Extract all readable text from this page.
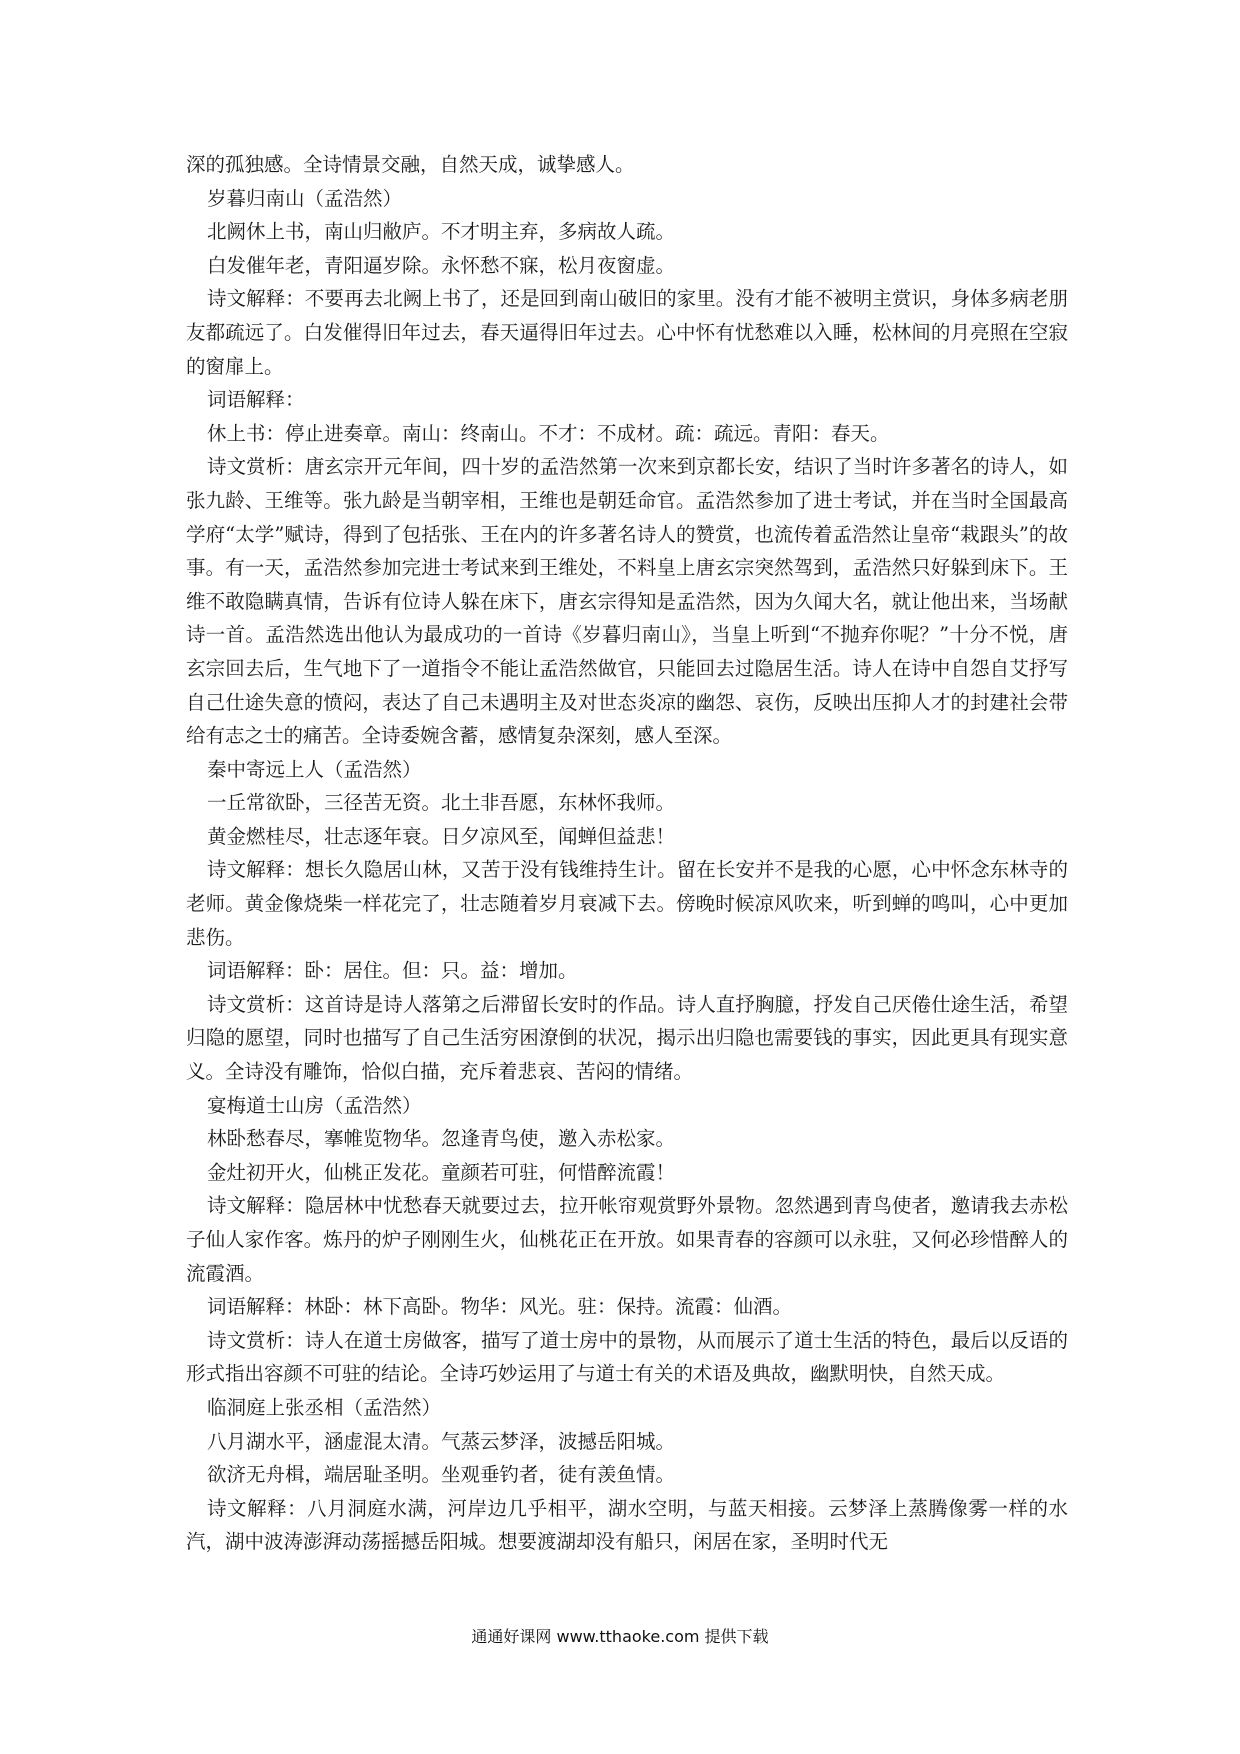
深的孤独感。全诗情景交融，自然天成，诚挚感人。

岁暮归南山（孟浩然）

北阙休上书，南山归敝庐。不才明主弃，多病故人疏。

白发催年老，青阳逼岁除。永怀愁不寐，松月夜窗虚。

诗文解释：不要再去北阙上书了，还是回到南山破旧的家里。没有才能不被明主赏识，身体多病老朋友都疏远了。白发催得旧年过去，春天逼得旧年过去。心中怀有忧愁难以入睡，松林间的月亮照在空寂的窗扉上。

词语解释：

休上书：停止进奏章。南山：终南山。不才：不成材。疏：疏远。青阳：春天。

诗文赏析：唐玄宗开元年间，四十岁的孟浩然第一次来到京都长安，结识了当时许多著名的诗人，如张九龄、王维等。张九龄是当朝宰相，王维也是朝廷命官。孟浩然参加了进士考试，并在当时全国最高学府“太学”赋诗，得到了包括张、王在内的许多著名诗人的赞赏，也流传着孟浩然让皇帝“栽跟头”的故事。有一天，孟浩然参加完进士考试来到王维处，不料皇上唐玄宗突然驾到，孟浩然只好躲到床下。王维不敢隐瞒真情，告诉有位诗人躲在床下，唐玄宗得知是孟浩然，因为久闻大名，就让他出来，当场献诗一首。孟浩然选出他认为最成功的一首诗《岁暮归南山》，当皇上听到“不抛弃你呢？”十分不悦，唐玄宗回去后，生气地下了一道指令不能让孟浩然做官，只能回去过隐居生活。诗人在诗中自怨自艾抒写自己仕途失意的愤闷，表达了自己未遇明主及对世态炎凉的幽怨、哀伤，反映出压抑人才的封建社会带给有志之士的痛苦。全诗委婉含蓄，感情复杂深刻，感人至深。

秦中寄远上人（孟浩然）

一丘常欲卧，三径苦无资。北土非吾愿，东林怀我师。

黄金燃桂尽，壮志逐年衰。日夕凉风至，闻蝉但益悲！

诗文解释：想长久隐居山林，又苦于没有钱维持生计。留在长安并不是我的心愿，心中怀念东林寺的老师。黄金像烧柴一样花完了，壮志随着岁月衰减下去。傍晚时候凉风吹来，听到蝉的鸣叫，心中更加悲伤。

词语解释：卧：居住。但：只。益：增加。

诗文赏析：这首诗是诗人落第之后滞留长安时的作品。诗人直抒胸臆，抒发自己厌倦仕途生活，希望归隐的愿望，同时也描写了自己生活穷困潦倒的状况，揭示出归隐也需要钱的事实，因此更具有现实意义。全诗没有雕饰，恰似白描，充斥着悲哀、苦闷的情绪。

宴梅道士山房（孟浩然）

林卧愁春尽，搴帷览物华。忽逢青鸟使，邀入赤松家。

金灶初开火，仙桃正发花。童颜若可驻，何惜醉流霞！

诗文解释：隐居林中忧愁春天就要过去，拉开帐帘观赏野外景物。忽然遇到青鸟使者，邀请我去赤松子仙人家作客。炼丹的炉子刚刚生火，仙桃花正在开放。如果青春的容颜可以永驻，又何必珍惜醉人的流霞酒。

词语解释：林卧：林下高卧。物华：风光。驻：保持。流霞：仙酒。

诗文赏析：诗人在道士房做客，描写了道士房中的景物，从而展示了道士生活的特色，最后以反语的形式指出容颜不可驻的结论。全诗巧妙运用了与道士有关的术语及典故，幽默明快，自然天成。

临洞庭上张丞相（孟浩然）

八月湖水平，涵虚混太清。气蒸云梦泽，波撼岳阳城。

欲济无舟楫，端居耻圣明。坐观垂钓者，徒有羡鱼情。

诗文解释：八月洞庭水满，河岸边几乎相平，湖水空明，与蓝天相接。云梦泽上蒸腾像雾一样的水汽，湖中波涛澎湃动荡摇撼岳阳城。想要渡湖却没有船只，闲居在家，圣明时代无

通通好课网 www.tthaoke.com 提供下载
